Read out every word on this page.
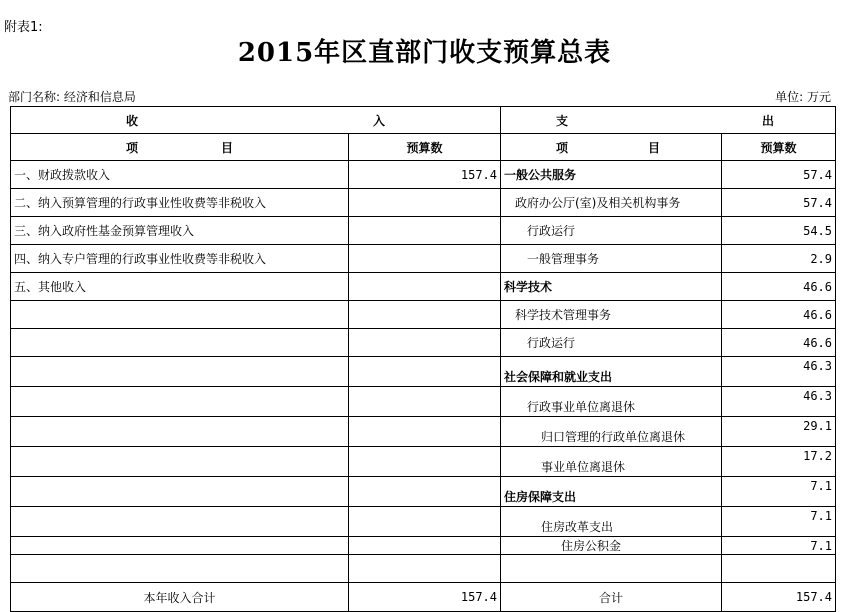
附表1:
2015年区直部门收支预算总表
部门名称: 经济和信息局	单位: 万元
收 入		支 出	

项 目	预算数	项 目	预算数
一、财政拨款收入	157.4	一般公共服务	57.4
二、纳入预算管理的行政事业性收费等非税收入		政府办公厅(室)及相关机构事务	57.4
三、纳入政府性基金预算管理收入		行政运行	54.5
四、纳入专户管理的行政事业性收费等非税收入		一般管理事务	2.9
五、其他收入		科学技术	46.6
		科学技术管理事务	46.6
		行政运行	46.6
		社会保障和就业支出	46.3
		行政事业单位离退休	46.3
		归口管理的行政单位离退休	29.1
		事业单位离退休	17.2
		住房保障支出	7.1
		住房改革支出	7.1
		住房公积金	7.1

本年收入合计	157.4	合计	157.4
